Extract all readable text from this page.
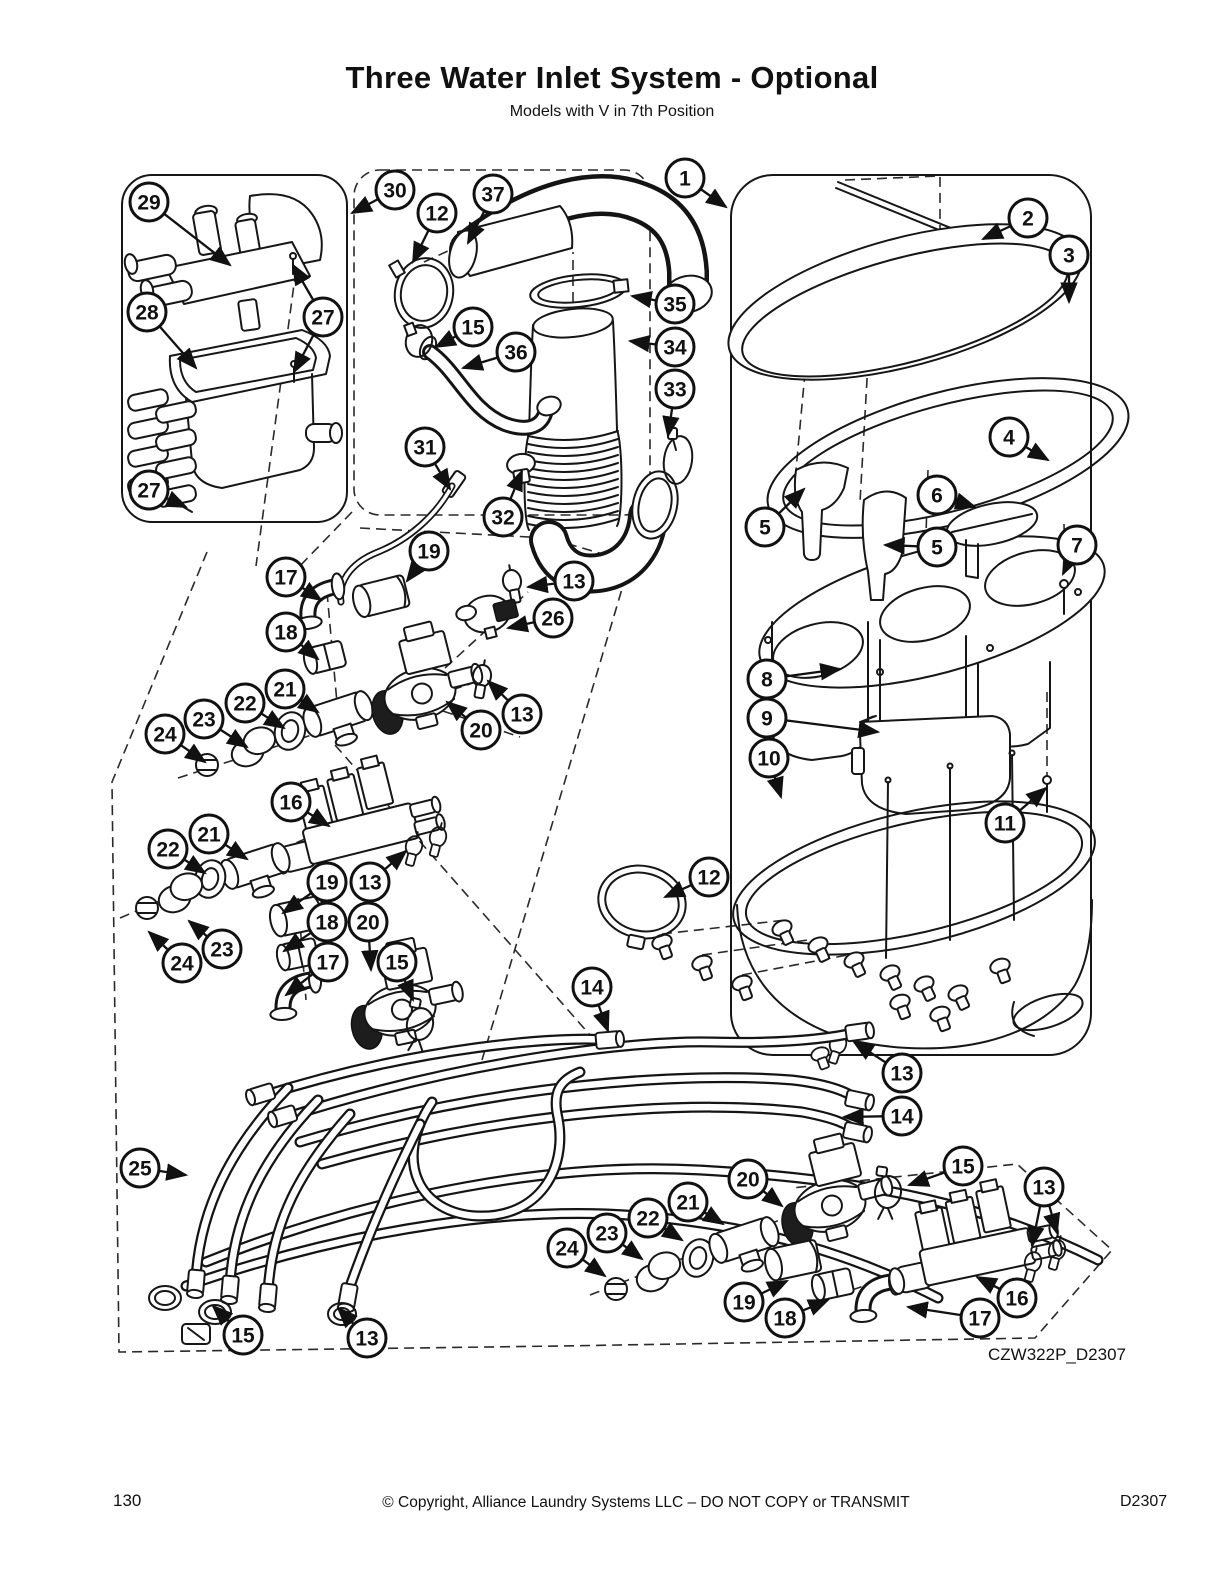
Three Water Inlet System - Optional
Models with V in 7th Position
29
28	27
27
30
12
37
1
35
34
33
15
36
31
32
2
3
4
5
6
5	7
8
9
10
11
19
17	13
26
18
21
22
23
24	20
13
16
21
22
13
19
18 20
17 15
23
24
12
14
13
14
25
15	13
24
23
22
21
20
19
18
15
13
16
17
CZW322P_D2307
130	© Copyright, Alliance Laundry Systems LLC – DO NOT COPY or TRANSMIT	D2307
